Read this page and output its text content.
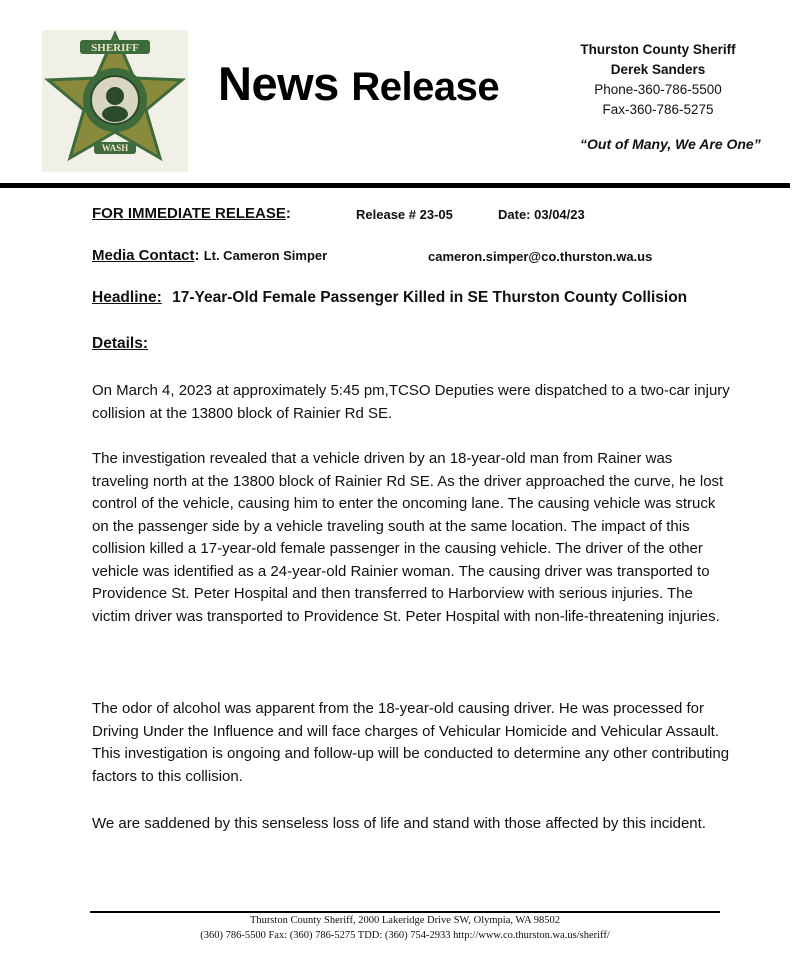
SHERIFF
WASH
News Release
Thurston County Sheriff
Derek Sanders
Phone-360-786-5500
Fax-360-786-5275
“Out of Many, We Are One”
FOR IMMEDIATE RELEASE:	Release # 23-05	Date: 03/04/23
Media Contact: Lt. Cameron Simper	cameron.simper@co.thurston.wa.us
Headline: 17-Year-Old Female Passenger Killed in SE Thurston County Collision
Details:

On March 4, 2023 at approximately 5:45 pm,TCSO Deputies were dispatched to a two-car injury collision at the 13800 block of Rainier Rd SE.

The investigation revealed that a vehicle driven by an 18-year-old man from Rainer was traveling north at the 13800 block of Rainier Rd SE. As the driver approached the curve, he lost control of the vehicle, causing him to enter the oncoming lane. The causing vehicle was struck on the passenger side by a vehicle traveling south at the same location. The impact of this collision killed a 17-year-old female passenger in the causing vehicle. The driver of the other vehicle was identified as a 24-year-old Rainier woman. The causing driver was transported to Providence St. Peter Hospital and then transferred to Harborview with serious injuries. The victim driver was transported to Providence St. Peter Hospital with non-life-threatening injuries.

The odor of alcohol was apparent from the 18-year-old causing driver. He was processed for Driving Under the Influence and will face charges of Vehicular Homicide and Vehicular Assault. This investigation is ongoing and follow-up will be conducted to determine any other contributing factors to this collision.

We are saddened by this senseless loss of life and stand with those affected by this incident.

Thurston County Sheriff, 2000 Lakeridge Drive SW, Olympia, WA 98502
(360) 786-5500 Fax: (360) 786-5275 TDD: (360) 754-2933 http://www.co.thurston.wa.us/sheriff/
